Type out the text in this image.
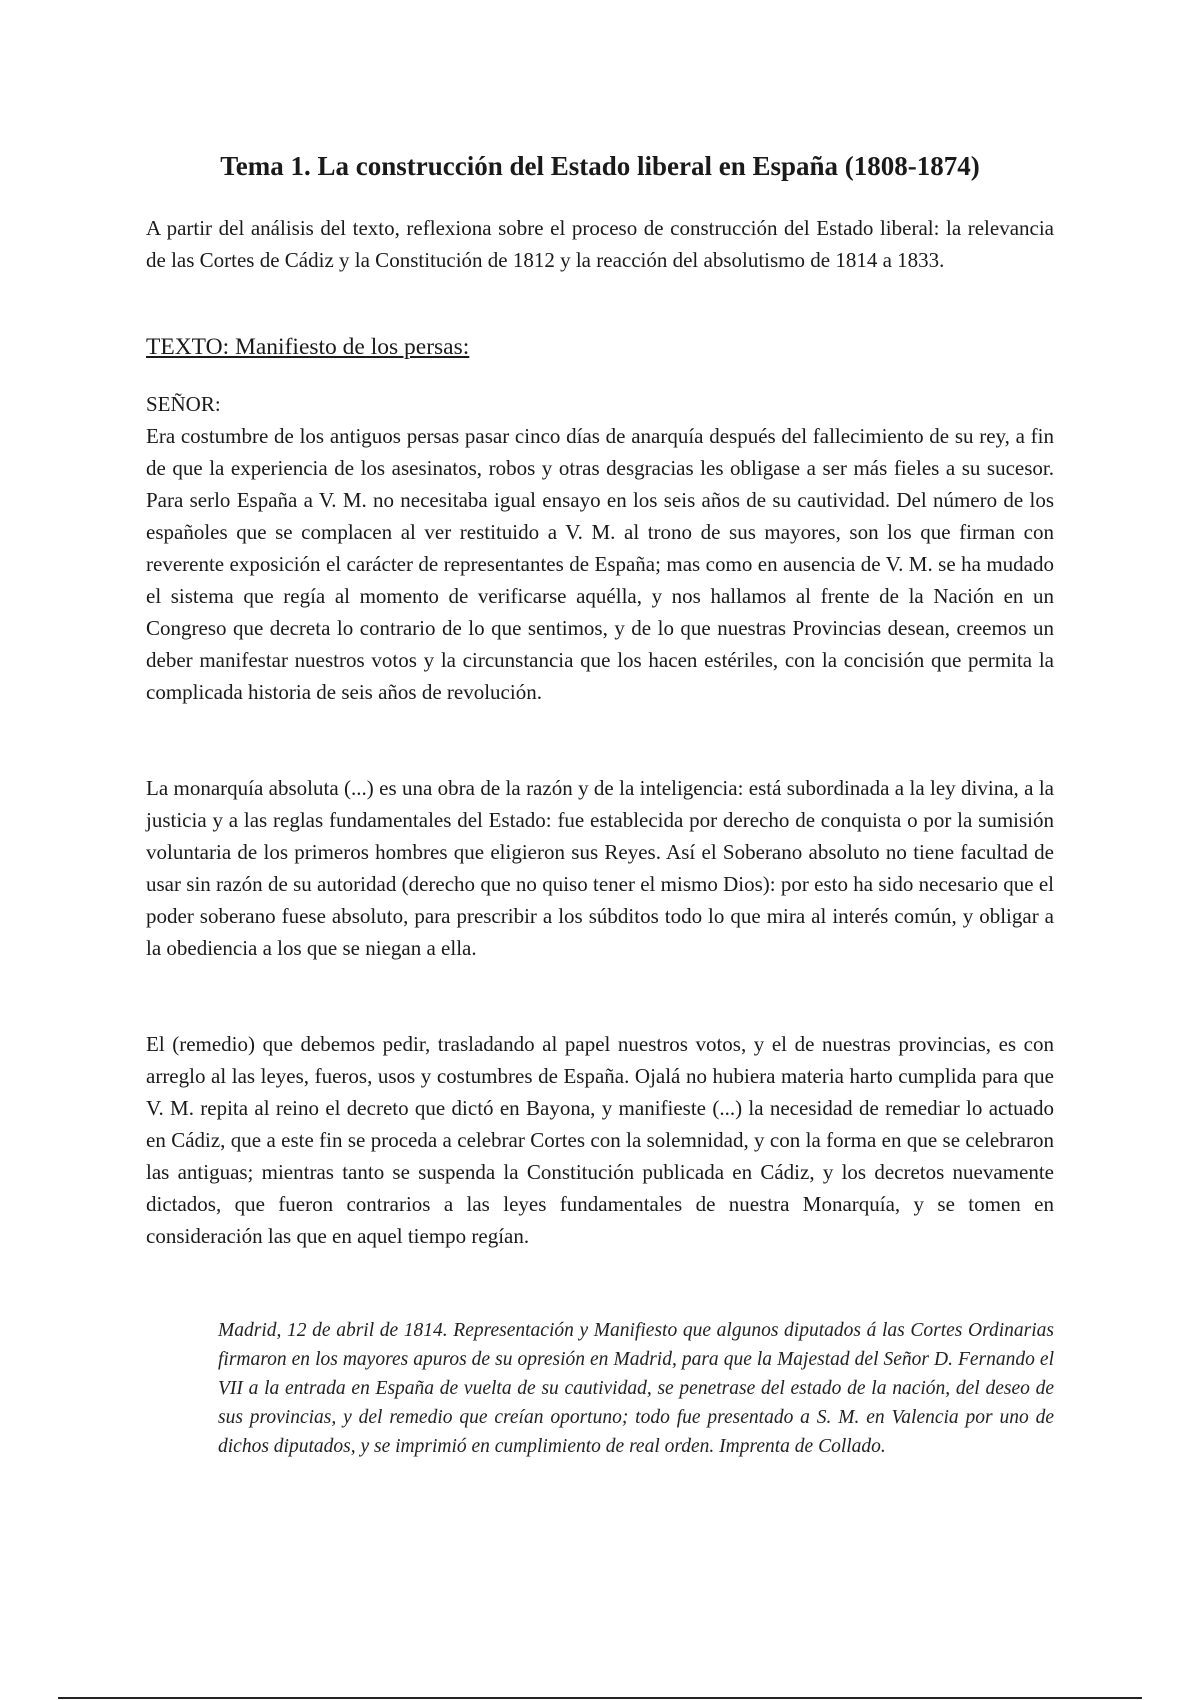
Tema 1. La construcción del Estado liberal en España (1808-1874)

A partir del análisis del texto, reflexiona sobre el proceso de construcción del Estado liberal: la relevancia de las Cortes de Cádiz y la Constitución de 1812 y la reacción del absolutismo de 1814 a 1833.

TEXTO: Manifiesto de los persas:

SEÑOR:

Era costumbre de los antiguos persas pasar cinco días de anarquía después del fallecimiento de su rey, a fin de que la experiencia de los asesinatos, robos y otras desgracias les obligase a ser más fieles a su sucesor. Para serlo España a V. M. no necesitaba igual ensayo en los seis años de su cautividad. Del número de los españoles que se complacen al ver restituido a V. M. al trono de sus mayores, son los que firman con reverente exposición el carácter de representantes de España; mas como en ausencia de V. M. se ha mudado el sistema que regía al momento de verificarse aquélla, y nos hallamos al frente de la Nación en un Congreso que decreta lo contrario de lo que sentimos, y de lo que nuestras Provincias desean, creemos un deber manifestar nuestros votos y la circunstancia que los hacen estériles, con la concisión que permita la complicada historia de seis años de revolución.

La monarquía absoluta (...) es una obra de la razón y de la inteligencia: está subordinada a la ley divina, a la justicia y a las reglas fundamentales del Estado: fue establecida por derecho de conquista o por la sumisión voluntaria de los primeros hombres que eligieron sus Reyes. Así el Soberano absoluto no tiene facultad de usar sin razón de su autoridad (derecho que no quiso tener el mismo Dios): por esto ha sido necesario que el poder soberano fuese absoluto, para prescribir a los súbditos todo lo que mira al interés común, y obligar a la obediencia a los que se niegan a ella.

El (remedio) que debemos pedir, trasladando al papel nuestros votos, y el de nuestras provincias, es con arreglo al las leyes, fueros, usos y costumbres de España. Ojalá no hubiera materia harto cumplida para que V. M. repita al reino el decreto que dictó en Bayona, y manifieste (...) la necesidad de remediar lo actuado en Cádiz, que a este fin se proceda a celebrar Cortes con la solemnidad, y con la forma en que se celebraron las antiguas; mientras tanto se suspenda la Constitución publicada en Cádiz, y los decretos nuevamente dictados, que fueron contrarios a las leyes fundamentales de nuestra Monarquía, y se tomen en consideración las que en aquel tiempo regían.

Madrid, 12 de abril de 1814. Representación y Manifiesto que algunos diputados á las Cortes Ordinarias firmaron en los mayores apuros de su opresión en Madrid, para que la Majestad del Señor D. Fernando el VII a la entrada en España de vuelta de su cautividad, se penetrase del estado de la nación, del deseo de sus provincias, y del remedio que creían oportuno; todo fue presentado a S. M. en Valencia por uno de dichos diputados, y se imprimió en cumplimiento de real orden. Imprenta de Collado.
